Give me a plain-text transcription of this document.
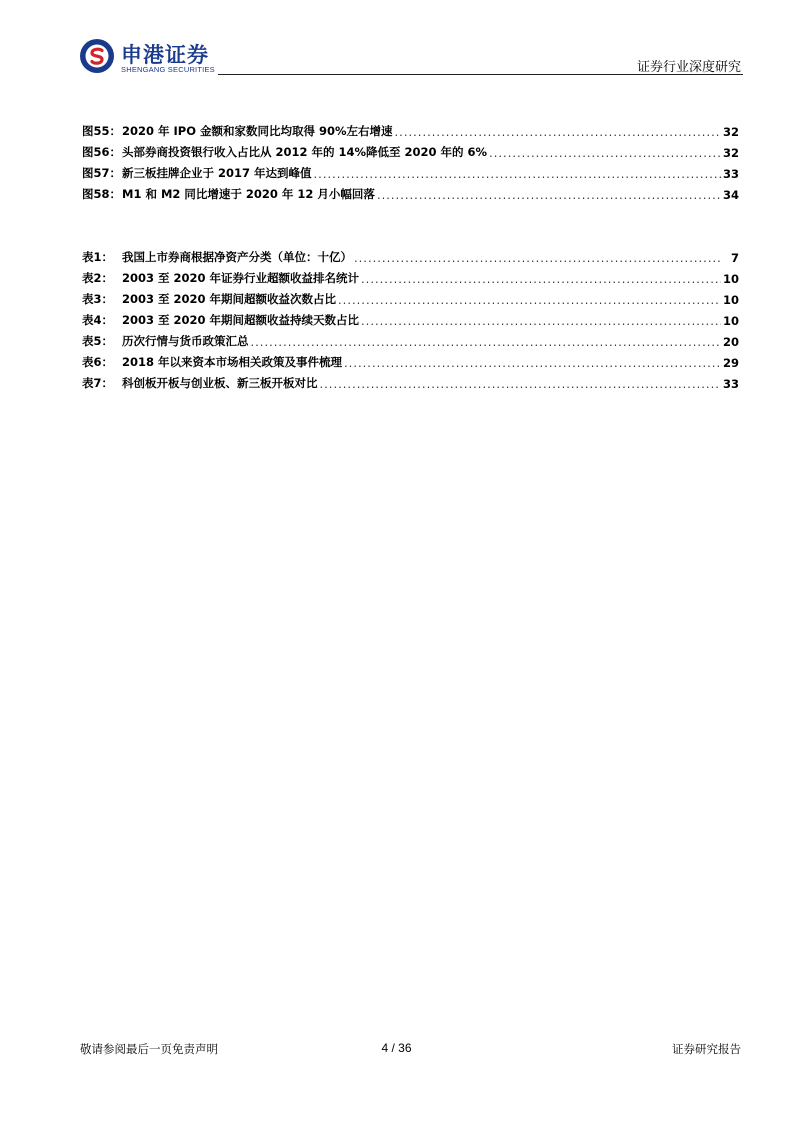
申港证券
SHENGANG SECURITIES	证券行业深度研究
图55： 2020 年 IPO 金额和家数同比均取得 90%左右增速 .....	32
图56： 头部券商投资银行收入占比从 2012 年的 14%降低至 2020 年的 6% .....	32
图57： 新三板挂牌企业于 2017 年达到峰值 .....	33
图58： M1 和 M2 同比增速于 2020 年 12 月小幅回落 .....	34
表1： 我国上市券商根据净资产分类（单位：十亿） .....	7
表2： 2003 至 2020 年证券行业超额收益排名统计 .....	10
表3： 2003 至 2020 年期间超额收益次数占比 .....	10
表4： 2003 至 2020 年期间超额收益持续天数占比 .....	10
表5： 历次行情与货币政策汇总 .....	20
表6： 2018 年以来资本市场相关政策及事件梳理 .....	29
表7： 科创板开板与创业板、新三板开板对比 .....	33
敬请参阅最后一页免责声明	4 / 36	证券研究报告
